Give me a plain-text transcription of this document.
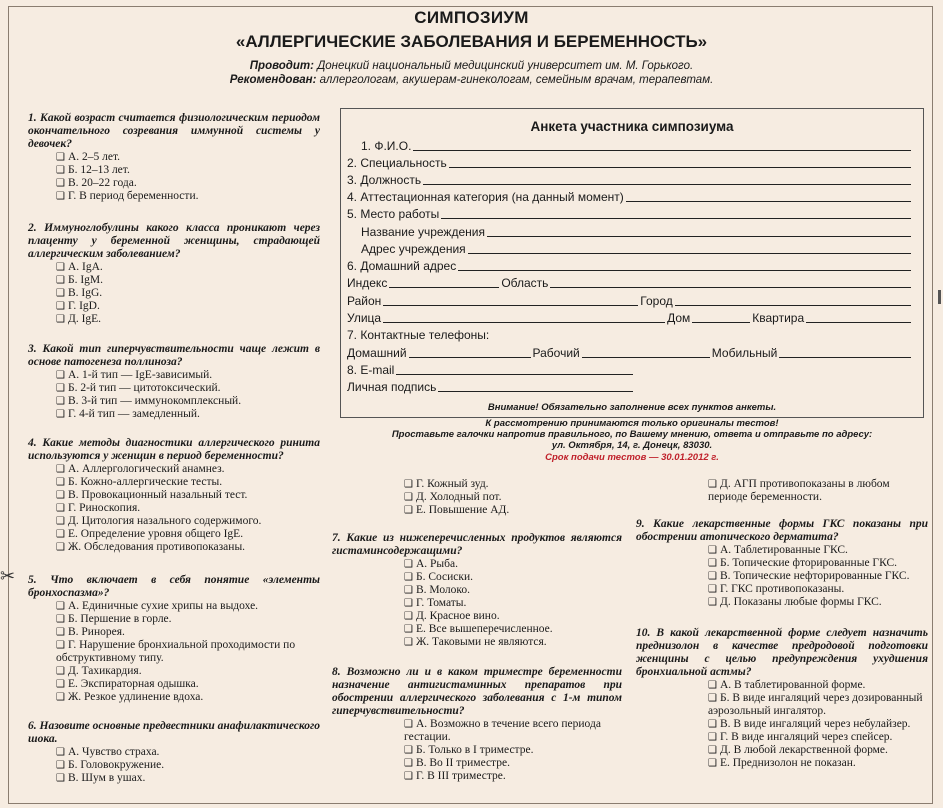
✂
СИМПОЗИУМ
«АЛЛЕРГИЧЕСКИЕ ЗАБОЛЕВАНИЯ И БЕРЕМЕННОСТЬ»
Проводит: Донецкий национальный медицинский университет им. М. Горького.
Рекомендован: аллергологам, акушерам-гинекологам, семейным врачам, терапевтам.
1. Какой возраст считается физиологическим периодом окончательного созревания иммунной системы у девочек?
❑ А. 2–5 лет.
❑ Б. 12–13 лет.
❑ В. 20–22 года.
❑ Г. В период беременности.
2. Иммуноглобулины какого класса проникают через плаценту у беременной женщины, страдающей аллергическим заболеванием?
❑ А. IgA.
❑ Б. IgM.
❑ В. IgG.
❑ Г. IgD.
❑ Д. IgE.
3. Какой тип гиперчувствительности чаще лежит в основе патогенеза поллиноза?
❑ А. 1-й тип — IgE-зависимый.
❑ Б. 2-й тип — цитотоксический.
❑ В. 3-й тип — иммунокомплексный.
❑ Г. 4-й тип — замедленный.
4. Какие методы диагностики аллергического ринита используются у женщин в период беременности?
❑ А. Аллергологический анамнез.
❑ Б. Кожно-аллергические тесты.
❑ В. Провокационный назальный тест.
❑ Г. Риноскопия.
❑ Д. Цитология назального содержимого.
❑ Е. Определение уровня общего IgE.
❑ Ж. Обследования противопоказаны.
5. Что включает в себя понятие «элементы бронхоспазма»?
❑ А. Единичные сухие хрипы на выдохе.
❑ Б. Першение в горле.
❑ В. Ринорея.
❑ Г. Нарушение бронхиальной проходимости по обструктивному типу.
❑ Д. Тахикардия.
❑ Е. Экспираторная одышка.
❑ Ж. Резкое удлинение вдоха.
6. Назовите основные предвестники анафилактического шока.
❑ А. Чувство страха.
❑ Б. Головокружение.
❑ В. Шум в ушах.
❑ Г. Кожный зуд.
❑ Д. Холодный пот.
❑ Е. Повышение АД.
7. Какие из нижеперечисленных продуктов являются гистаминсодержащими?
❑ А. Рыба.
❑ Б. Сосиски.
❑ В. Молоко.
❑ Г. Томаты.
❑ Д. Красное вино.
❑ Е. Все вышеперечисленное.
❑ Ж. Таковыми не являются.
8. Возможно ли и в каком триместре беременности назначение антигистаминных препаратов при обострении аллергического заболевания с 1-м типом гиперчувствительности?
❑ А. Возможно в течение всего периода гестации.
❑ Б. Только в I триместре.
❑ В. Во II триместре.
❑ Г. В III триместре.
❑ Д. АГП противопоказаны в любом периоде беременности.
9. Какие лекарственные формы ГКС показаны при обострении атопического дерматита?
❑ А. Таблетированные ГКС.
❑ Б. Топические фторированные ГКС.
❑ В. Топические нефторированные ГКС.
❑ Г. ГКС противопоказаны.
❑ Д. Показаны любые формы ГКС.
10. В какой лекарственной форме следует назначить преднизолон в качестве предродовой подготовки женщины с целью предупреждения ухудшения бронхиальной астмы?
❑ А. В таблетированной форме.
❑ Б. В виде ингаляций через дозированный аэрозольный ингалятор.
❑ В. В виде ингаляций через небулайзер.
❑ Г. В виде ингаляций через спейсер.
❑ Д. В любой лекарственной форме.
❑ Е. Преднизолон не показан.
Анкета участника симпозиума
1. Ф.И.О.
2. Специальность
3. Должность
4. Аттестационная категория (на данный момент)
5. Место работы
Название учреждения
Адрес учреждения
6. Домашний адрес
Индекс	Область
Район	Город
Улица	Дом	Квартира
7. Контактные телефоны:
Домашний	Рабочий	Мобильный
8. E-mail
Личная подпись
Внимание! Обязательно заполнение всех пунктов анкеты.
К рассмотрению принимаются только оригиналы тестов!
Проставьте галочки напротив правильного, по Вашему мнению, ответа и отправьте по адресу:
ул. Октября, 14, г. Донецк, 83030.
Срок подачи тестов — 30.01.2012 г.
